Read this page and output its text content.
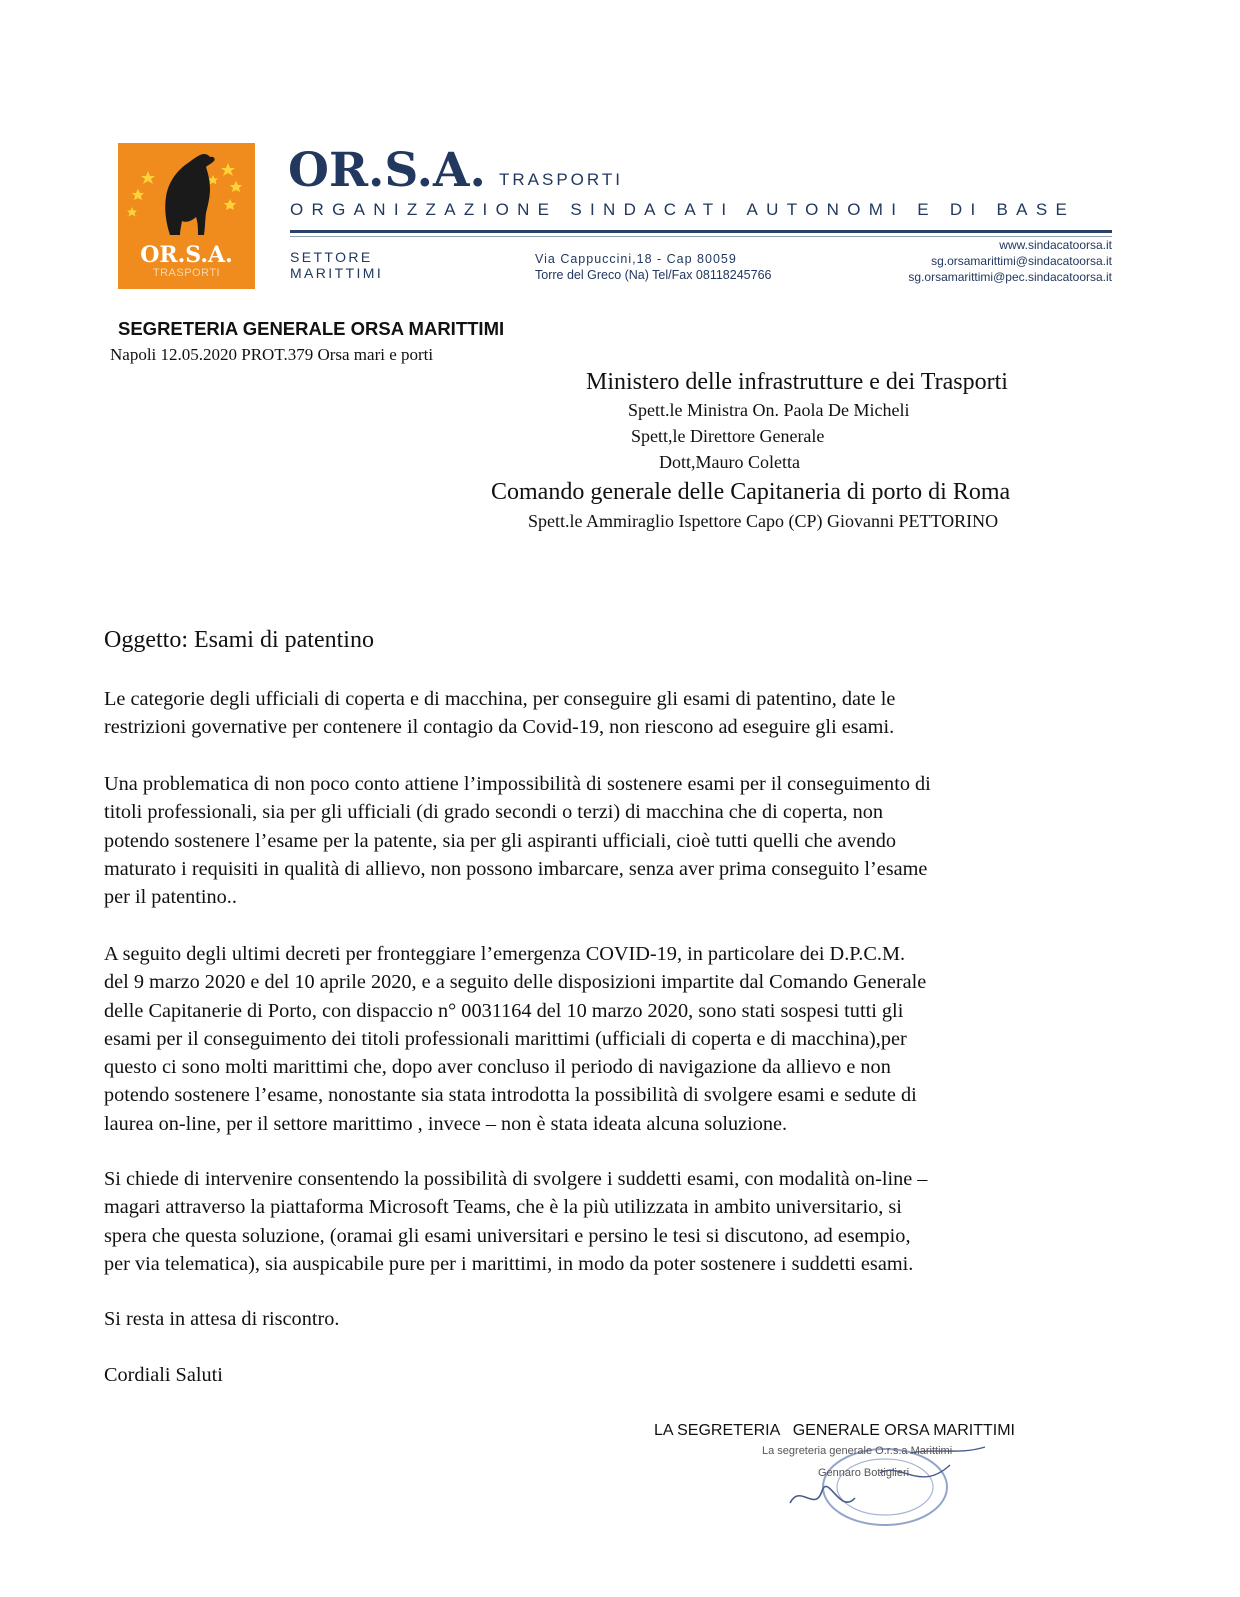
OR.S.A.
TRASPORTI
OR.S.A. TRASPORTI
ORGANIZZAZIONE SINDACATI AUTONOMI E DI BASE
SETTORE
MARITTIMI
Via Cappuccini,18 - Cap 80059
Torre del Greco (Na) Tel/Fax 08118245766
www.sindacatoorsa.it
sg.orsamarittimi@sindacatoorsa.it
sg.orsamarittimi@pec.sindacatoorsa.it
SEGRETERIA GENERALE ORSA MARITTIMI
Napoli 12.05.2020 PROT.379 Orsa mari e porti
Ministero delle infrastrutture e dei Trasporti
Spett.le Ministra On. Paola De Micheli
Spett,le Direttore Generale
Dott,Mauro Coletta
Comando generale delle Capitaneria di porto di Roma
Spett.le Ammiraglio Ispettore Capo (CP) Giovanni PETTORINO
Oggetto: Esami di patentino

Le categorie degli ufficiali di coperta e di macchina, per conseguire gli esami di patentino, date le
restrizioni governative per contenere il contagio da Covid-19, non riescono ad eseguire gli esami.

Una problematica di non poco conto attiene l’impossibilità di sostenere esami per il conseguimento di
titoli professionali, sia per gli ufficiali (di grado secondi o terzi) di macchina che di coperta, non
potendo sostenere l’esame per la patente, sia per gli aspiranti ufficiali, cioè tutti quelli che avendo
maturato i requisiti in qualità di allievo, non possono imbarcare, senza aver prima conseguito l’esame
per il patentino..

A seguito degli ultimi decreti per fronteggiare l’emergenza COVID-19, in particolare dei D.P.C.M.
del 9 marzo 2020 e del 10 aprile 2020, e a seguito delle disposizioni impartite dal Comando Generale
delle Capitanerie di Porto, con dispaccio n° 0031164 del 10 marzo 2020, sono stati sospesi tutti gli
esami per il conseguimento dei titoli professionali marittimi (ufficiali di coperta e di macchina),per
questo ci sono molti marittimi che, dopo aver concluso il periodo di navigazione da allievo e non
potendo sostenere l’esame, nonostante sia stata introdotta la possibilità di svolgere esami e sedute di
laurea on-line, per il settore marittimo , invece – non è stata ideata alcuna soluzione.

Si chiede di intervenire consentendo la possibilità di svolgere i suddetti esami, con modalità on-line –
magari attraverso la piattaforma Microsoft Teams, che è la più utilizzata in ambito universitario, si
spera che questa soluzione, (oramai gli esami universitari e persino le tesi si discutono, ad esempio,
per via telematica), sia auspicabile pure per i marittimi, in modo da poter sostenere i suddetti esami.

Si resta in attesa di riscontro.
Cordiali Saluti
LA SEGRETERIA   GENERALE ORSA MARITTIMI
La segreteria generale O.r.s.a Marittimi
Gennaro Bottiglieri
